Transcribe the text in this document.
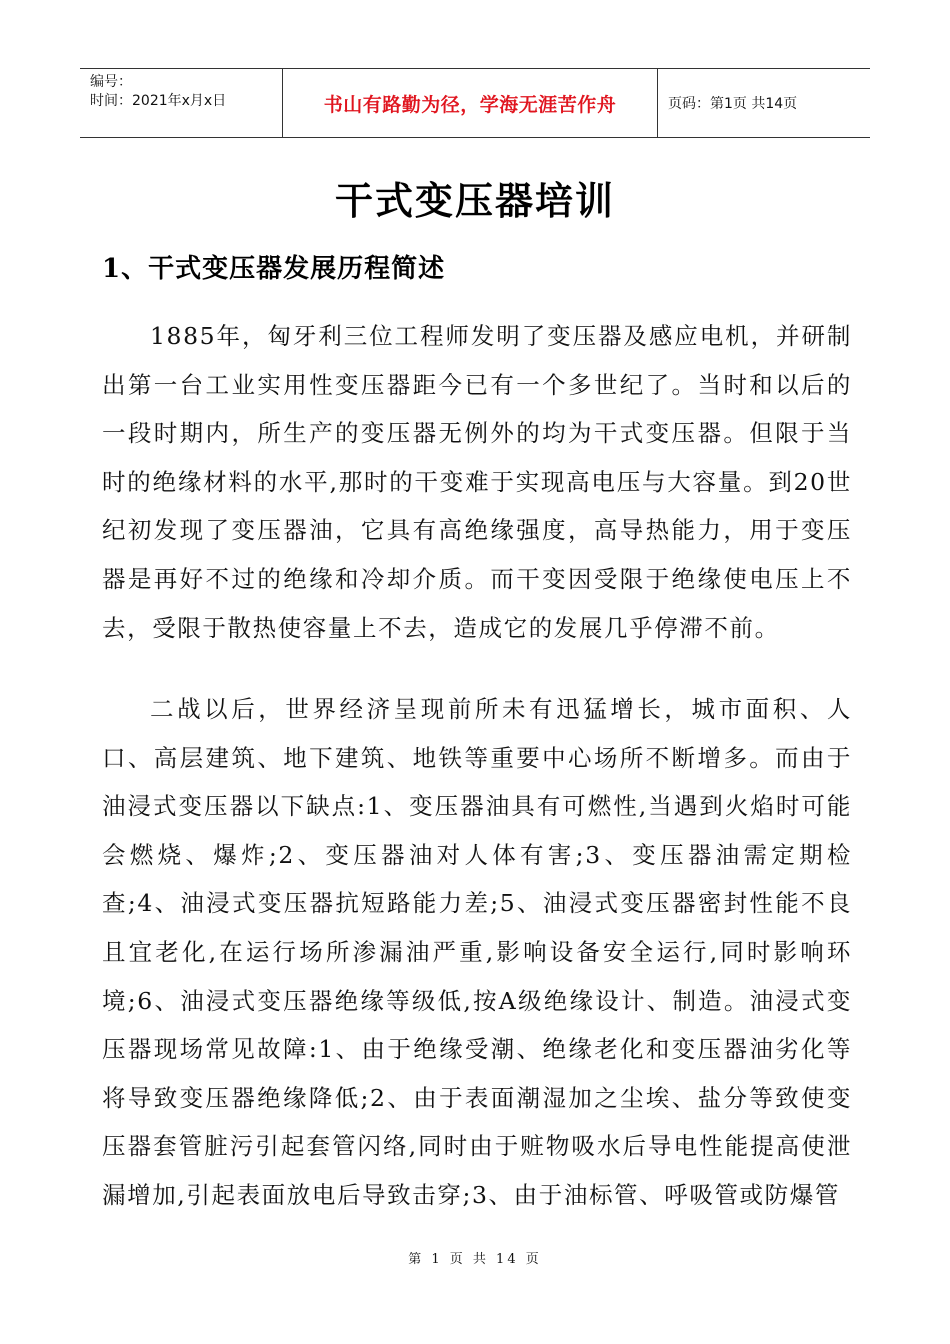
编号：
时间：2021年x月x日	书山有路勤为径，学海无涯苦作舟	页码：第1页 共14页
干式变压器培训
1、干式变压器发展历程简述

1885年，匈牙利三位工程师发明了变压器及感应电机，并研制出第一台工业实用性变压器距今已有一个多世纪了。当时和以后的一段时期内，所生产的变压器无例外的均为干式变压器。但限于当时的绝缘材料的水平,那时的干变难于实现高电压与大容量。到20世纪初发现了变压器油，它具有高绝缘强度，高导热能力，用于变压器是再好不过的绝缘和冷却介质。而干变因受限于绝缘使电压上不去，受限于散热使容量上不去，造成它的发展几乎停滞不前。

二战以后，世界经济呈现前所未有迅猛增长，城市面积、人口、高层建筑、地下建筑、地铁等重要中心场所不断增多。而由于油浸式变压器以下缺点:1、变压器油具有可燃性,当遇到火焰时可能会燃烧、爆炸;2、变压器油对人体有害;3、变压器油需定期检查;4、油浸式变压器抗短路能力差;5、油浸式变压器密封性能不良且宜老化,在运行场所渗漏油严重,影响设备安全运行,同时影响环境;6、油浸式变压器绝缘等级低,按A级绝缘设计、制造。油浸式变压器现场常见故障:1、由于绝缘受潮、绝缘老化和变压器油劣化等将导致变压器绝缘降低;2、由于表面潮湿加之尘埃、盐分等致使变压器套管脏污引起套管闪络,同时由于赃物吸水后导电性能提高使泄漏增加,引起表面放电后导致击穿;3、由于油标管、呼吸管或防爆管

第 1 页 共 14 页
